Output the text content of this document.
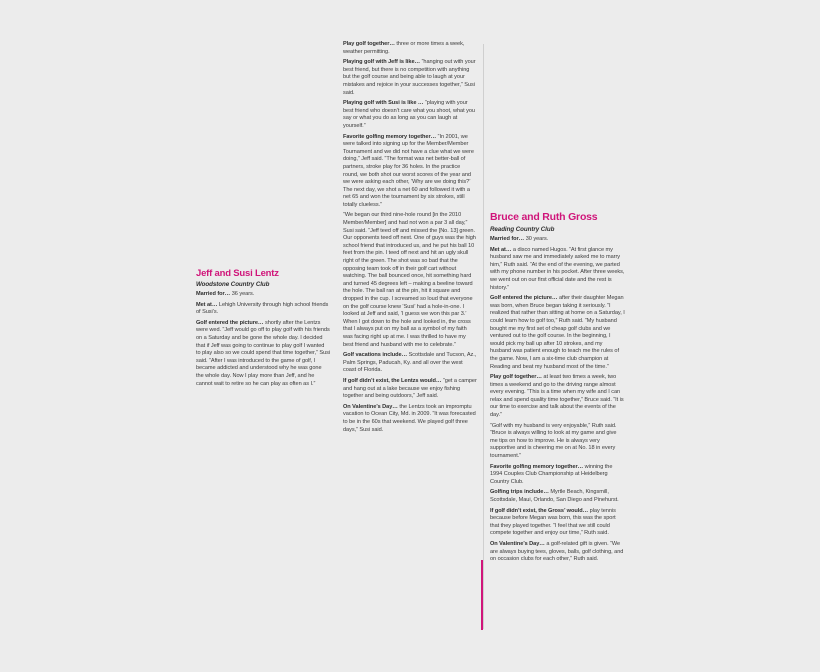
Jeff and Susi Lentz

Woodstone Country Club

Married for… 36 years.

Met at… Lehigh University through high school friends of Susi’s.

Golf entered the picture… shortly after the Lentzs were wed. “Jeff would go off to play golf with his friends on a Saturday and be gone the whole day. I decided that if Jeff was going to continue to play golf I wanted to play also so we could spend that time together,” Susi said. “After I was introduced to the game of golf, I became addicted and understood why he was gone the whole day. Now I play more than Jeff, and he cannot wait to retire so he can play as often as I.”

Play golf together… three or more times a week, weather permitting.

Playing golf with Jeff is like… “hanging out with your best friend, but there is no competition with anything but the golf course and being able to laugh at your mistakes and rejoice in your successes together,” Susi said.

Playing golf with Susi is like … “playing with your best friend who doesn’t care what you shoot, what you say or what you do as long as you can laugh at yourself.”

Favorite golfing memory together… “In 2001, we were talked into signing up for the Member/Member Tournament and we did not have a clue what we were doing,” Jeff said. “The format was net better-ball of partners, stroke play for 36 holes. In the practice round, we both shot our worst scores of the year and we were asking each other, ‘Why are we doing this?’ The next day, we shot a net 60 and followed it with a net 65 and won the tournament by six strokes, still totally clueless.”

“We began our third nine-hole round [in the 2010 Member/Member] and had not won a par 3 all day,” Susi said. “Jeff teed off and missed the [No. 13] green. Our opponents teed off next. One of guys was the high school friend that introduced us, and he put his ball 10 feet from the pin. I teed off next and hit an ugly skull right of the green. The shot was so bad that the opposing team took off in their golf cart without watching. The ball bounced once, hit something hard and turned 45 degrees left – making a beeline toward the hole. The ball ran at the pin, hit it square and dropped in the cup. I screamed so loud that everyone on the golf course knew ‘Susi’ had a hole-in-one. I looked at Jeff and said, ‘I guess we won this par 3.’ When I got down to the hole and looked in, the cross that I always put on my ball as a symbol of my faith was facing right up at me. I was thrilled to have my best friend and husband with me to celebrate.”

Golf vacations include… Scottsdale and Tucson, Az., Palm Springs, Paducah, Ky. and all over the west coast of Florida.

If golf didn’t exist, the Lentzs would… “get a camper and hang out at a lake because we enjoy fishing together and being outdoors,” Jeff said.

On Valentine’s Day… the Lentzs took an impromptu vacation to Ocean City, Md. in 2009. “It was forecasted to be in the 60s that weekend. We played golf three days,” Susi said.

Bruce and Ruth Gross

Reading Country Club

Married for… 30 years.

Met at… a disco named Hugos. “At first glance my husband saw me and immediately asked me to marry him,” Ruth said. “At the end of the evening, we parted with my phone number in his pocket. After three weeks, we went out on our first official date and the rest is history.”

Golf entered the picture… after their daughter Megan was born, when Bruce began taking it seriously. “I realized that rather than sitting at home on a Saturday, I could learn how to golf too,” Ruth said. “My husband bought me my first set of cheap golf clubs and we ventured out to the golf course. In the beginning, I would pick my ball up after 10 strokes, and my husband was patient enough to teach me the rules of the game. Now, I am a six-time club champion at Reading and beat my husband most of the time.”

Play golf together… at least two times a week, two times a weekend and go to the driving range almost every evening. “This is a time when my wife and I can relax and spend quality time together,” Bruce said. “It is our time to exercise and talk about the events of the day.”

“Golf with my husband is very enjoyable,” Ruth said. “Bruce is always willing to look at my game and give me tips on how to improve. He is always very supportive and is cheering me on at No. 18 in every tournament.”

Favorite golfing memory together… winning the 1994 Couples Club Championship at Heidelberg Country Club.

Golfing trips include… Myrtle Beach, Kingsmill, Scottsdale, Maui, Orlando, San Diego and Pinehurst.

If golf didn’t exist, the Gross’ would… play tennis because before Megan was born, this was the sport that they played together. “I feel that we still could compete together and enjoy our time,” Ruth said.

On Valentine’s Day… a golf-related gift is given. “We are always buying tees, gloves, balls, golf clothing, and on occasion clubs for each other,” Ruth said.
